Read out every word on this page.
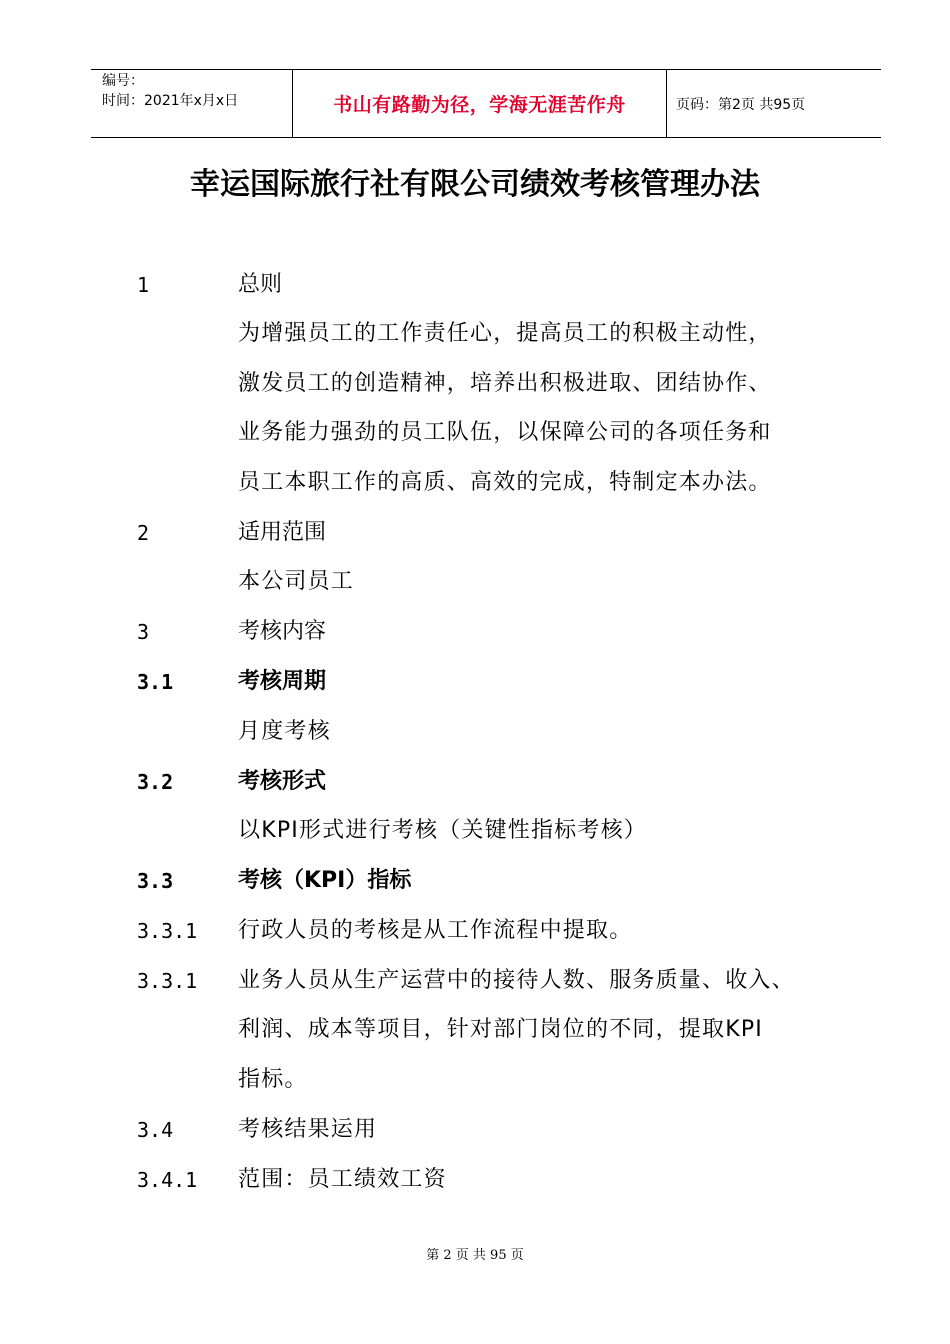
编号：
时间：2021年x月x日	书山有路勤为径，学海无涯苦作舟	页码：第2页 共95页
幸运国际旅行社有限公司绩效考核管理办法
1	总则
为增强员工的工作责任心，提高员工的积极主动性，
激发员工的创造精神，培养出积极进取、团结协作、
业务能力强劲的员工队伍，以保障公司的各项任务和
员工本职工作的高质、高效的完成，特制定本办法。
2	适用范围
本公司员工
3	考核内容
3.1	考核周期
月度考核
3.2	考核形式
以KPI形式进行考核（关键性指标考核）
3.3	考核（KPI）指标
3.3.1 行政人员的考核是从工作流程中提取。
3.3.1 业务人员从生产运营中的接待人数、服务质量、收入、
利润、成本等项目，针对部门岗位的不同，提取KPI
指标。
3.4	考核结果运用
3.4.1 范围：员工绩效工资
第 2 页 共 95 页
